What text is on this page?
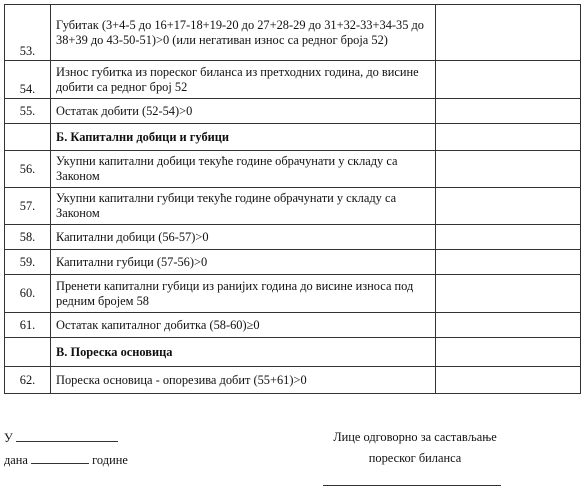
53.	Губитак (3+4-5 до 16+17-18+19-20 до 27+28-29 до 31+32-33+34-35 до 38+39 до 43-50-51)>0 (или негативан износ са редног броја 52)	
54.	Износ губитка из пореског биланса из претходних година, до висине добити са редног број 52	
55.	Остатак добити (52-54)>0	
	Б. Капитални добици и губици	
56.	Укупни капитални добици текуће године обрачунати у складу са Законом	
57.	Укупни капитални губици текуће године обрачунати у складу са Законом	
58.	Капитални добици (56-57)>0	
59.	Капитални губици (57-56)>0	
60.	Пренети капитални губици из ранијих година до висине износа под редним бројем 58	
61.	Остатак капиталног добитка (58-60)≥0	
	В. Пореска основица	
62.	Пореска основица - опорезива добит (55+61)>0	
У
дана	године
Лице одговорно за састављање
пореског биланса
